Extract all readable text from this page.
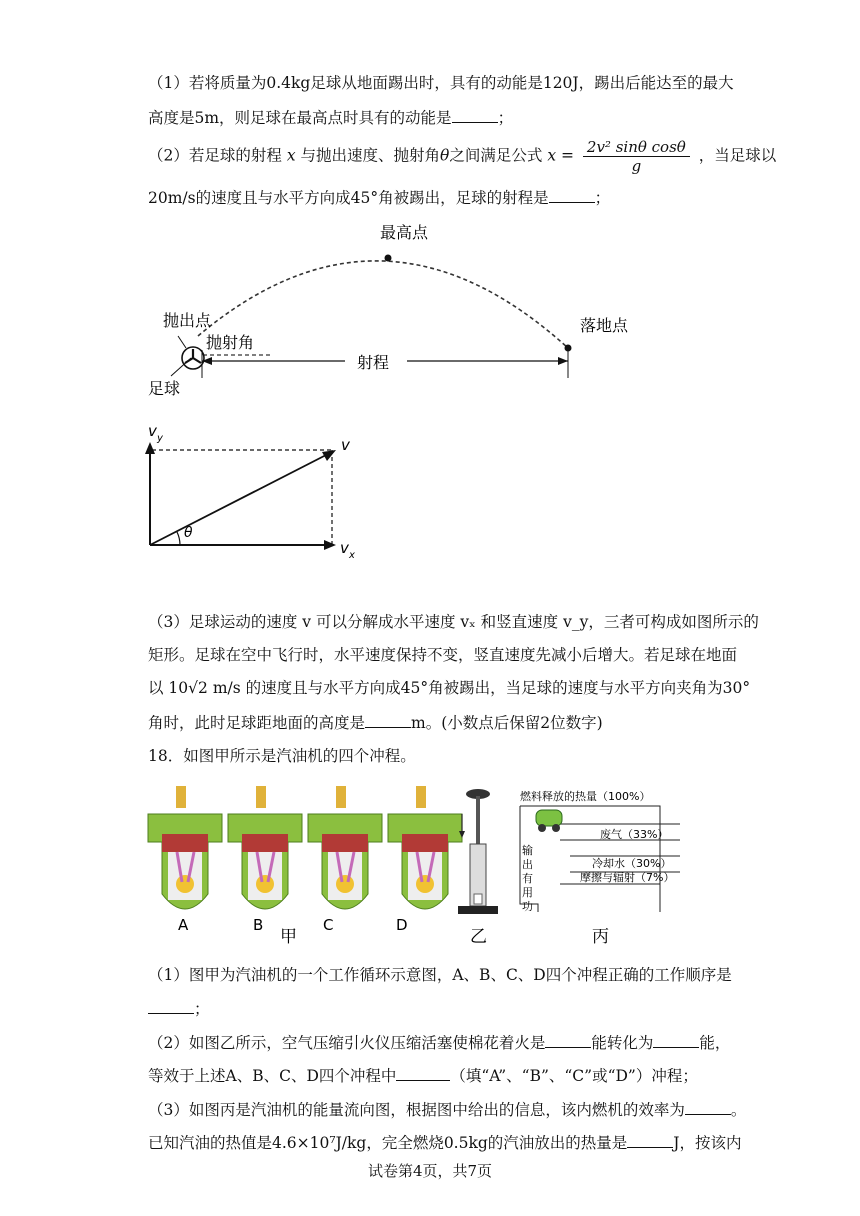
（1）若将质量为0.4kg足球从地面踢出时，具有的动能是120J，踢出后能达至的最大
高度是5m，则足球在最高点时具有的动能是	；
（2）若足球的射程 x 与抛出速度、抛射角θ之间满足公式 $x = \frac{\text{2v² sinθ cosθ}}{g}$ ，当足球以
20m/s的速度且与水平方向成45°角被踢出，足球的射程是	；
最高点
抛出点	落地点
抛射角
足球
射程
θ
v y	v
v x
（3）足球运动的速度 v 可以分解成水平速度 vₓ 和竖直速度 v_y，三者可构成如图所示的
矩形。足球在空中飞行时，水平速度保持不变，竖直速度先减小后增大。若足球在地面
以 10√2 m/s 的速度且与水平方向成45°角被踢出，当足球的速度与水平方向夹角为30°
角时，此时足球距地面的高度是	m。(小数点后保留2位数字)
18．如图甲所示是汽油机的四个冲程。
A	B	C	D
甲	乙
燃料释放的热量（100%）
废气（33%）
冷却水（30%）
摩擦与辐射（7%）
输
出
有
用
功
丙
（1）图甲为汽油机的一个工作循环示意图，A、B、C、D四个冲程正确的工作顺序是
；
（2）如图乙所示，空气压缩引火仪压缩活塞使棉花着火是	能转化为	能，
等效于上述A、B、C、D四个冲程中	（填“A”、“B”、“C”或“D”）冲程；
（3）如图丙是汽油机的能量流向图，根据图中给出的信息，该内燃机的效率为	。
已知汽油的热值是4.6×10⁷J/kg，完全燃烧0.5kg的汽油放出的热量是	J，按该内
试卷第4页，共7页
